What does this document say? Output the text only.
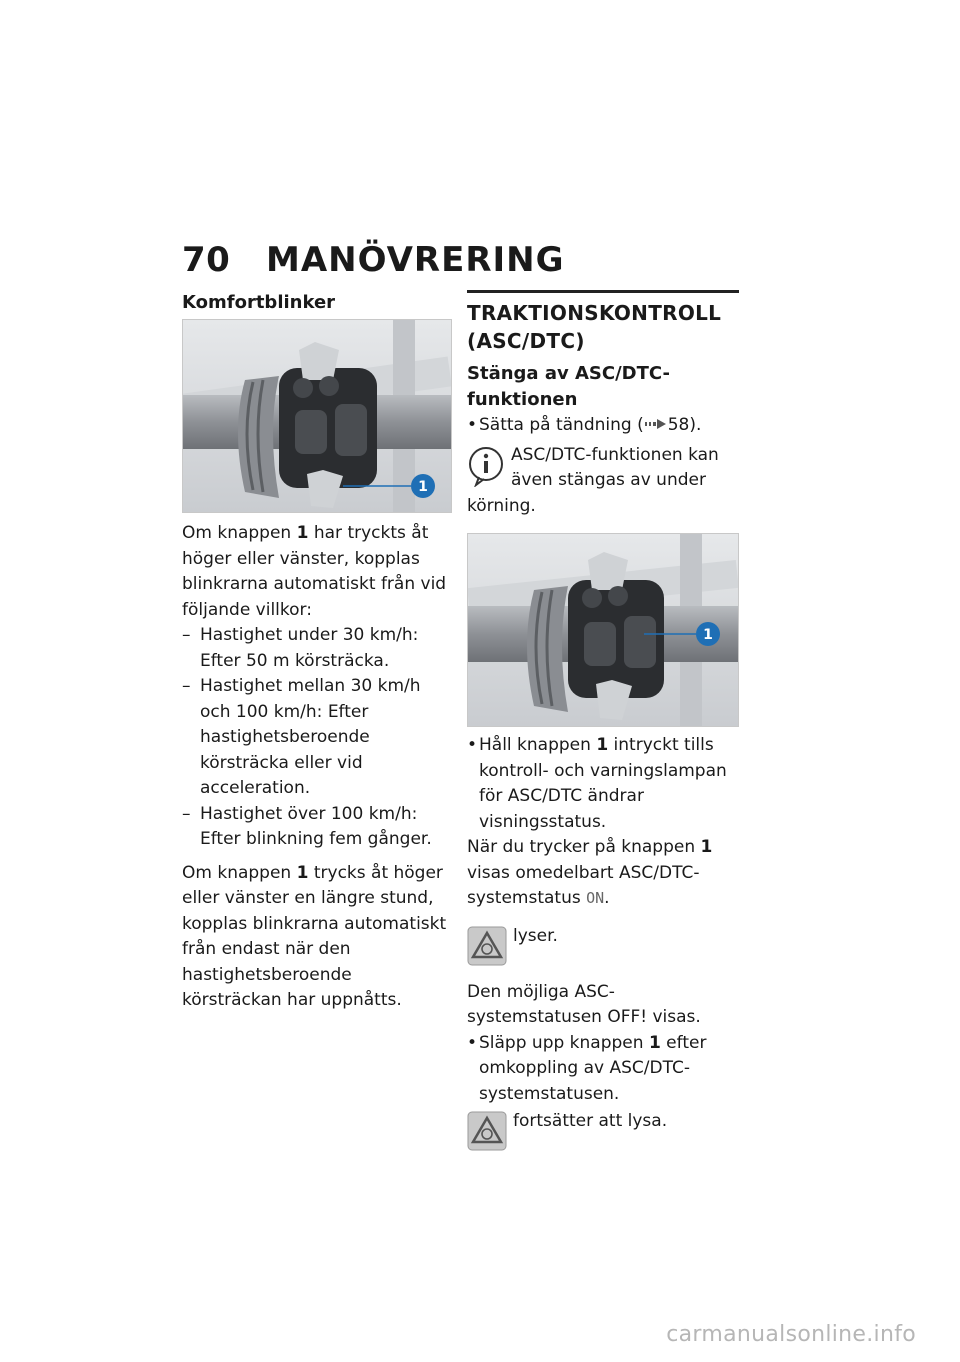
70 MANÖVRERING
Komfortblinker
1

Om knappen 1 har tryckts åt höger eller vänster, kopplas blinkrarna automatiskt från vid följande villkor:

– Hastighet under 30 km/h: Efter 50 m körsträcka.
– Hastighet mellan 30 km/h och 100 km/h: Efter hastighetsberoende körsträcka eller vid acceleration.
– Hastighet över 100 km/h: Efter blinkning fem gånger.

Om knappen 1 trycks åt höger eller vänster en längre stund, kopplas blinkrarna automatiskt från endast när den hastighetsberoende körsträckan har uppnåtts.

TRAKTIONSKONTROLL (ASC/DTC)
Stänga av ASC/DTC-funktionen
• Sätta på tändning ( 58).
ASC/DTC-funktionen kan även stängas av under körning.
1
• Håll knappen 1 intryckt tills kontroll- och varningslampan för ASC/DTC ändrar visningsstatus.

När du trycker på knappen 1 visas omedelbart ASC/DTC-systemstatus ON.

lyser.

Den möjliga ASC-systemstatusen OFF! visas.

• Släpp upp knappen 1 efter omkoppling av ASC/DTC-systemstatusen.
fortsätter att lysa.
carmanualsonline.info
